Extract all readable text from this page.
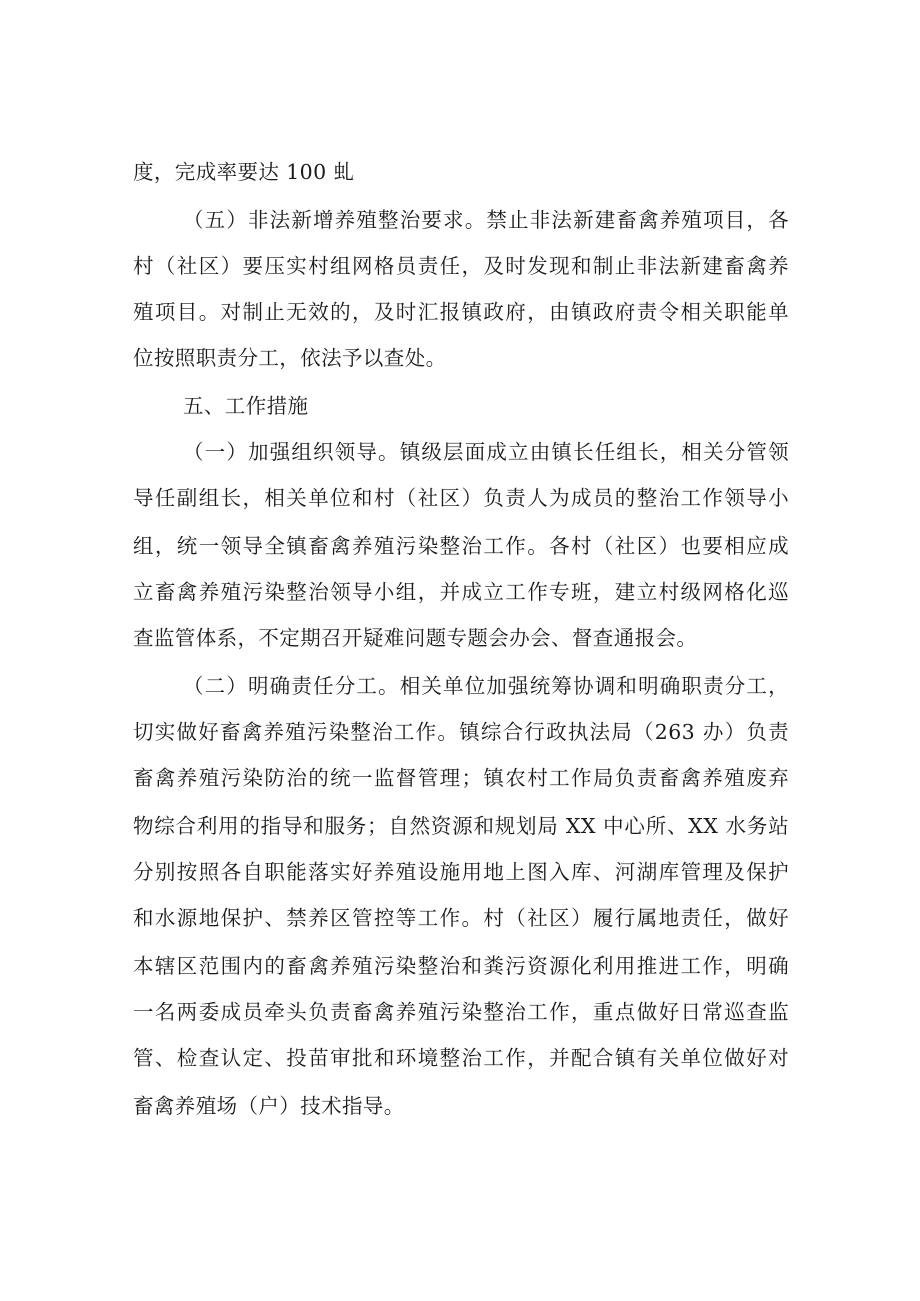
度，完成率要达 100 虬
（五）非法新增养殖整治要求。禁止非法新建畜禽养殖项目，各
村（社区）要压实村组网格员责任，及时发现和制止非法新建畜禽养
殖项目。对制止无效的，及时汇报镇政府，由镇政府责令相关职能单
位按照职责分工，依法予以查处。
五、工作措施
（一）加强组织领导。镇级层面成立由镇长任组长，相关分管领
导任副组长，相关单位和村（社区）负责人为成员的整治工作领导小
组，统一领导全镇畜禽养殖污染整治工作。各村（社区）也要相应成
立畜禽养殖污染整治领导小组，并成立工作专班，建立村级网格化巡
查监管体系，不定期召开疑难问题专题会办会、督查通报会。
（二）明确责任分工。相关单位加强统筹协调和明确职责分工，
切实做好畜禽养殖污染整治工作。镇综合行政执法局（263 办）负责
畜禽养殖污染防治的统一监督管理；镇农村工作局负责畜禽养殖废弃
物综合利用的指导和服务；自然资源和规划局 XX 中心所、XX 水务站
分别按照各自职能落实好养殖设施用地上图入库、河湖库管理及保护
和水源地保护、禁养区管控等工作。村（社区）履行属地责任，做好
本辖区范围内的畜禽养殖污染整治和粪污资源化利用推进工作，明确
一名两委成员牵头负责畜禽养殖污染整治工作，重点做好日常巡查监
管、检查认定、投苗审批和环境整治工作，并配合镇有关单位做好对
畜禽养殖场（户）技术指导。
